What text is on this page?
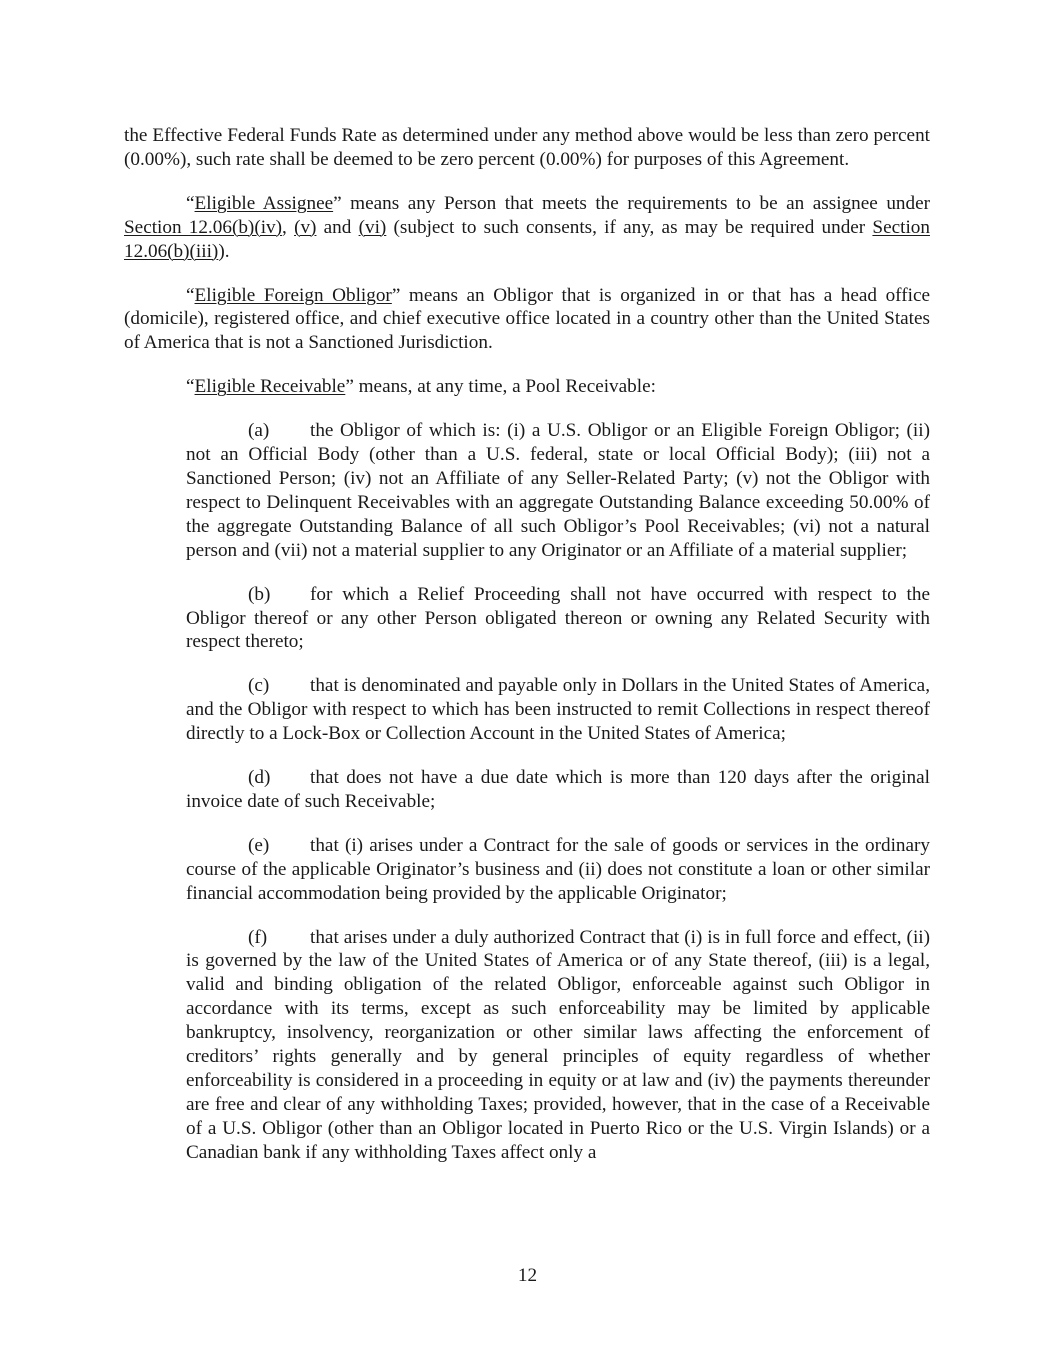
the Effective Federal Funds Rate as determined under any method above would be less than zero percent (0.00%), such rate shall be deemed to be zero percent (0.00%) for purposes of this Agreement.

“Eligible Assignee” means any Person that meets the requirements to be an assignee under Section 12.06(b)(iv), (v) and (vi) (subject to such consents, if any, as may be required under Section 12.06(b)(iii)).

“Eligible Foreign Obligor” means an Obligor that is organized in or that has a head office (domicile), registered office, and chief executive office located in a country other than the United States of America that is not a Sanctioned Jurisdiction.

“Eligible Receivable” means, at any time, a Pool Receivable:

(a) the Obligor of which is: (i) a U.S. Obligor or an Eligible Foreign Obligor; (ii) not an Official Body (other than a U.S. federal, state or local Official Body); (iii) not a Sanctioned Person; (iv) not an Affiliate of any Seller-Related Party; (v) not the Obligor with respect to Delinquent Receivables with an aggregate Outstanding Balance exceeding 50.00% of the aggregate Outstanding Balance of all such Obligor’s Pool Receivables; (vi) not a natural person and (vii) not a material supplier to any Originator or an Affiliate of a material supplier;

(b) for which a Relief Proceeding shall not have occurred with respect to the Obligor thereof or any other Person obligated thereon or owning any Related Security with respect thereto;

(c) that is denominated and payable only in Dollars in the United States of America, and the Obligor with respect to which has been instructed to remit Collections in respect thereof directly to a Lock-Box or Collection Account in the United States of America;

(d) that does not have a due date which is more than 120 days after the original invoice date of such Receivable;

(e) that (i) arises under a Contract for the sale of goods or services in the ordinary course of the applicable Originator’s business and (ii) does not constitute a loan or other similar financial accommodation being provided by the applicable Originator;

(f) that arises under a duly authorized Contract that (i) is in full force and effect, (ii) is governed by the law of the United States of America or of any State thereof, (iii) is a legal, valid and binding obligation of the related Obligor, enforceable against such Obligor in accordance with its terms, except as such enforceability may be limited by applicable bankruptcy, insolvency, reorganization or other similar laws affecting the enforcement of creditors’ rights generally and by general principles of equity regardless of whether enforceability is considered in a proceeding in equity or at law and (iv) the payments thereunder are free and clear of any withholding Taxes; provided, however, that in the case of a Receivable of a U.S. Obligor (other than an Obligor located in Puerto Rico or the U.S. Virgin Islands) or a Canadian bank if any withholding Taxes affect only a

12
